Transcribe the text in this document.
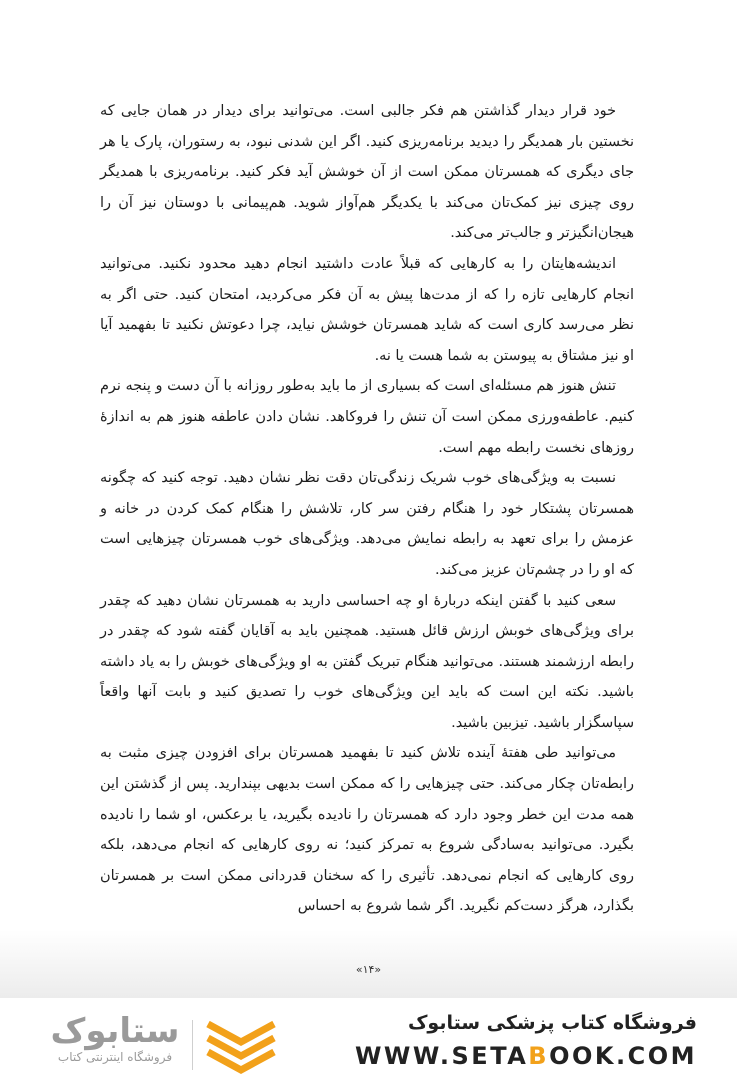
خود قرار دیدار گذاشتن هم فکر جالبی است. می‌توانید برای دیدار در همان جایی که نخستین بار همدیگر را دیدید برنامه‌ریزی کنید. اگر این شدنی نبود، به رستوران، پارک یا هر جای دیگری که همسرتان ممکن است از آن خوشش آید فکر کنید. برنامه‌ریزی با همدیگر روی چیزی نیز کمک‌تان می‌کند با یکدیگر هم‌آواز شوید. هم‌پیمانی با دوستان نیز آن را هیجان‌انگیزتر و جالب‌تر می‌کند.

اندیشه‌هایتان را به کارهایی که قبلاً عادت داشتید انجام دهید محدود نکنید. می‌توانید انجام کارهایی تازه را که از مدت‌ها پیش به آن فکر می‌کردید، امتحان کنید. حتی اگر به نظر می‌رسد کاری است که شاید همسرتان خوشش نیاید، چرا دعوتش نکنید تا بفهمید آیا او نیز مشتاق به پیوستن به شما هست یا نه.

تنش هنوز هم مسئله‌ای است که بسیاری از ما باید به‌طور روزانه با آن دست و پنجه نرم کنیم. عاطفه‌ورزی ممکن است آن تنش را فروکاهد. نشان دادن عاطفه هنوز هم به اندازهٔ روزهای نخست رابطه مهم است.

نسبت به ویژگی‌های خوب شریک زندگی‌تان دقت نظر نشان دهید. توجه کنید که چگونه همسرتان پشتکار خود را هنگام رفتن سر کار، تلاشش را هنگام کمک کردن در خانه و عزمش را برای تعهد به رابطه نمایش می‌دهد. ویژگی‌های خوب همسرتان چیزهایی است که او را در چشم‌تان عزیز می‌کند.

سعی کنید با گفتن اینکه دربارهٔ او چه احساسی دارید به همسرتان نشان دهید که چقدر برای ویژگی‌های خوبش ارزش قائل هستید. همچنین باید به آقایان گفته شود که چقدر در رابطه ارزشمند هستند. می‌توانید هنگام تبریک گفتن به او ویژگی‌های خوبش را به یاد داشته باشید. نکته این است که باید این ویژگی‌های خوب را تصدیق کنید و بابت آنها واقعاً سپاسگزار باشید. تیزبین باشید.

می‌توانید طی هفتهٔ آینده تلاش کنید تا بفهمید همسرتان برای افزودن چیزی مثبت به رابطه‌تان چکار می‌کند. حتی چیزهایی را که ممکن است بدیهی بپندارید. پس از گذشتن این همه مدت این خطر وجود دارد که همسرتان را نادیده بگیرید، یا برعکس، او شما را نادیده بگیرد. می‌توانید به‌سادگی شروع به تمرکز کنید؛ نه روی کارهایی که انجام می‌دهد، بلکه روی کارهایی که انجام نمی‌دهد. تأثیری را که سخنان قدردانی ممکن است بر همسرتان بگذارد، هرگز دست‌کم نگیرید. اگر شما شروع به احساس

«۱۴»
فروشگاه کتاب پزشکی ستابوک
WWW.SETABOOK.COM
ستابوک
فروشگاه اینترنتی کتاب
